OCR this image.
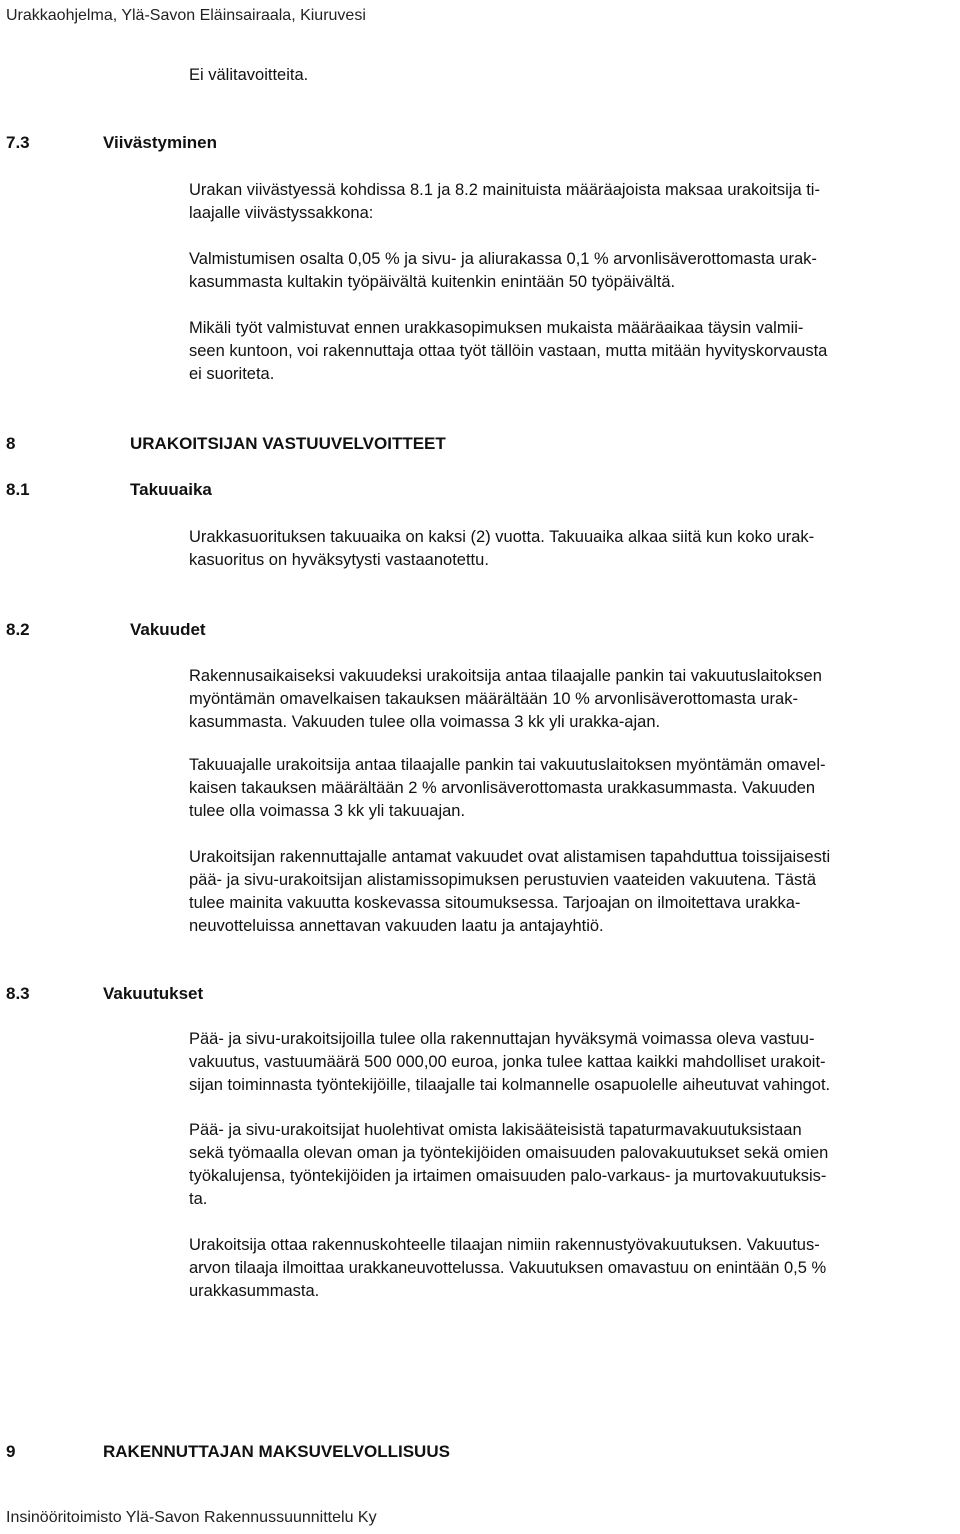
Urakkaohjelma, Ylä-Savon Eläinsairaala, Kiuruvesi
Ei välitavoitteita.
7.3	Viivästyminen
Urakan viivästyessä kohdissa 8.1 ja 8.2 mainituista määräajoista maksaa urakoitsija ti-
laajalle viivästyssakkona:
Valmistumisen osalta 0,05 % ja sivu- ja aliurakassa 0,1 % arvonlisäverottomasta urak-
kasummasta kultakin työpäivältä kuitenkin enintään 50 työpäivältä.
Mikäli työt valmistuvat ennen urakkasopimuksen mukaista määräaikaa täysin valmii-
seen kuntoon, voi rakennuttaja ottaa työt tällöin vastaan, mutta mitään hyvityskorvausta
ei suoriteta.
8	URAKOITSIJAN VASTUUVELVOITTEET
8.1	Takuuaika
Urakkasuorituksen takuuaika on kaksi (2) vuotta. Takuuaika alkaa siitä kun koko urak-
kasuoritus on hyväksytysti vastaanotettu.
8.2	Vakuudet
Rakennusaikaiseksi vakuudeksi urakoitsija antaa tilaajalle pankin tai vakuutuslaitoksen
myöntämän omavelkaisen takauksen määrältään 10 % arvonlisäverottomasta urak-
kasummasta. Vakuuden tulee olla voimassa 3 kk yli urakka-ajan.
Takuuajalle urakoitsija antaa tilaajalle pankin tai vakuutuslaitoksen myöntämän omavel-
kaisen takauksen määrältään 2 % arvonlisäverottomasta urakkasummasta. Vakuuden
tulee olla voimassa 3 kk yli takuuajan.
Urakoitsijan rakennuttajalle antamat vakuudet ovat alistamisen tapahduttua toissijaisesti
pää- ja sivu-urakoitsijan alistamissopimuksen perustuvien vaateiden vakuutena. Tästä
tulee mainita vakuutta koskevassa sitoumuksessa. Tarjoajan on ilmoitettava urakka-
neuvotteluissa annettavan vakuuden laatu ja antajayhtiö.
8.3	Vakuutukset
Pää- ja sivu-urakoitsijoilla tulee olla rakennuttajan hyväksymä voimassa oleva vastuu-
vakuutus, vastuumäärä 500 000,00 euroa, jonka tulee kattaa kaikki mahdolliset urakoit-
sijan toiminnasta työntekijöille, tilaajalle tai kolmannelle osapuolelle aiheutuvat vahingot.
Pää- ja sivu-urakoitsijat huolehtivat omista lakisääteisistä tapaturmavakuutuksistaan
sekä työmaalla olevan oman ja työntekijöiden omaisuuden palovakuutukset sekä omien
työkalujensa, työntekijöiden ja irtaimen omaisuuden palo-varkaus- ja murtovakuutuksis-
ta.
Urakoitsija ottaa rakennuskohteelle tilaajan nimiin rakennustyövakuutuksen. Vakuutus-
arvon tilaaja ilmoittaa urakkaneuvottelussa. Vakuutuksen omavastuu on enintään 0,5 %
urakkasummasta.
9	RAKENNUTTAJAN MAKSUVELVOLLISUUS
Insinööritoimisto Ylä-Savon Rakennussuunnittelu Ky
